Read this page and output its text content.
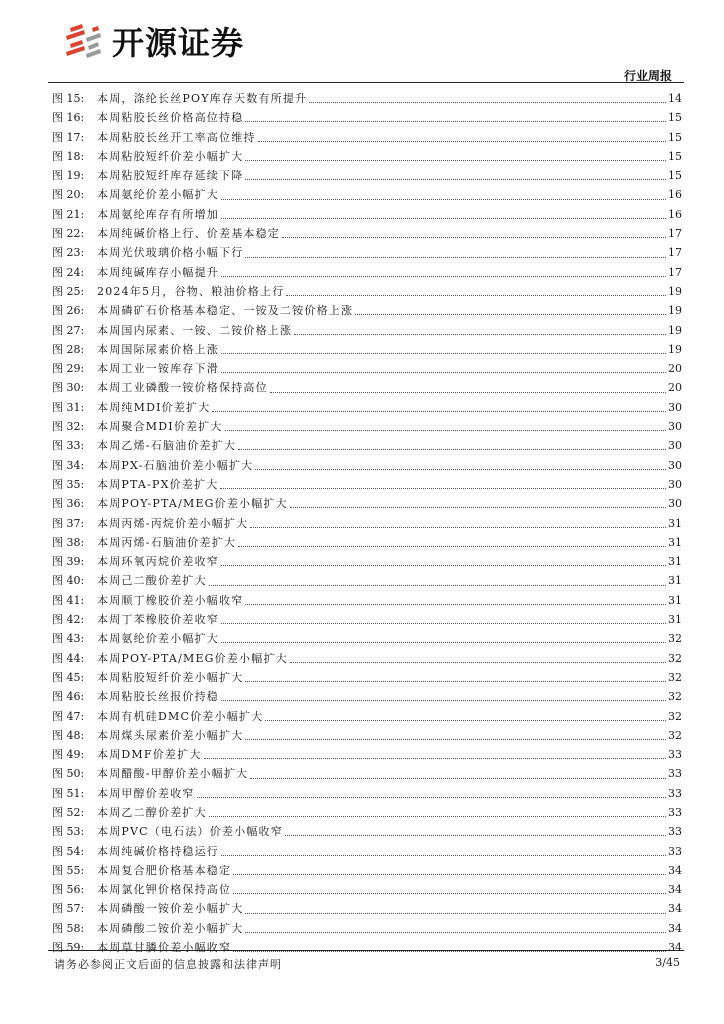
开源证券
行业周报
图 15:	本周，涤纶长丝POY库存天数有所提升	14
图 16:	本周粘胶长丝价格高位持稳	15
图 17:	本周粘胶长丝开工率高位维持	15
图 18:	本周粘胶短纤价差小幅扩大	15
图 19:	本周粘胶短纤库存延续下降	15
图 20:	本周氨纶价差小幅扩大	16
图 21:	本周氨纶库存有所增加	16
图 22:	本周纯碱价格上行、价差基本稳定	17
图 23:	本周光伏玻璃价格小幅下行	17
图 24:	本周纯碱库存小幅提升	17
图 25:	2024年5月，谷物、粮油价格上行	19
图 26:	本周磷矿石价格基本稳定、一铵及二铵价格上涨	19
图 27:	本周国内尿素、一铵、二铵价格上涨	19
图 28:	本周国际尿素价格上涨	19
图 29:	本周工业一铵库存下滑	20
图 30:	本周工业磷酸一铵价格保持高位	20
图 31:	本周纯MDI价差扩大	30
图 32:	本周聚合MDI价差扩大	30
图 33:	本周乙烯-石脑油价差扩大	30
图 34:	本周PX-石脑油价差小幅扩大	30
图 35:	本周PTA-PX价差扩大	30
图 36:	本周POY-PTA/MEG价差小幅扩大	30
图 37:	本周丙烯-丙烷价差小幅扩大	31
图 38:	本周丙烯-石脑油价差扩大	31
图 39:	本周环氧丙烷价差收窄	31
图 40:	本周己二酸价差扩大	31
图 41:	本周顺丁橡胶价差小幅收窄	31
图 42:	本周丁苯橡胶价差收窄	31
图 43:	本周氨纶价差小幅扩大	32
图 44:	本周POY-PTA/MEG价差小幅扩大	32
图 45:	本周粘胶短纤价差小幅扩大	32
图 46:	本周粘胶长丝报价持稳	32
图 47:	本周有机硅DMC价差小幅扩大	32
图 48:	本周煤头尿素价差小幅扩大	32
图 49:	本周DMF价差扩大	33
图 50:	本周醋酸-甲醇价差小幅扩大	33
图 51:	本周甲醇价差收窄	33
图 52:	本周乙二醇价差扩大	33
图 53:	本周PVC（电石法）价差小幅收窄	33
图 54:	本周纯碱价格持稳运行	33
图 55:	本周复合肥价格基本稳定	34
图 56:	本周氯化钾价格保持高位	34
图 57:	本周磷酸一铵价差小幅扩大	34
图 58:	本周磷酸二铵价差小幅扩大	34
图 59:	本周草甘膦价差小幅收窄	34
请务必参阅正文后面的信息披露和法律声明	3/45
